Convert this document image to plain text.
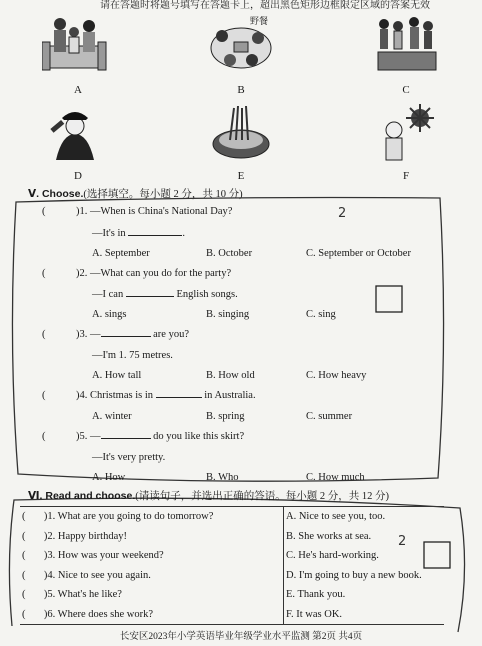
请在答题时将题号填写在答题卡上，超出黑色矩形边框限定区域的答案无效
野餐
A	B	C
D	E	F
Ⅴ. Choose.(选择填空。每小题 2 分，共 10 分)
2
2
(	)1. —When is China's National Day?
—It's in	.
A. September	B. October	C. September or October
(	)2. —What can you do for the party?
—I can	English songs.
A. sings	B. singing	C. sing
(	)3. —	are you?
—I'm 1. 75 metres.
A. How tall	B. How old	C. How heavy
(	)4. Christmas is in	in Australia.
A. winter	B. spring	C. summer
(	)5. —	do you like this skirt?
—It's very pretty.
A. How	B. Who	C. How much
Ⅵ. Read and choose.(请读句子，并选出正确的答语。每小题 2 分，共 12 分)
(       )1. What are you going to do tomorrow?	A. Nice to see you, too.
(       )2. Happy birthday!	B. She works at sea.
(       )3. How was your weekend?	C. He's hard-working.
(       )4. Nice to see you again.	D. I'm going to buy a new book.
(       )5. What's he like?	E. Thank you.
(       )6. Where does she work?	F. It was OK.
长安区2023年小学英语毕业年级学业水平监测 第2页 共4页
